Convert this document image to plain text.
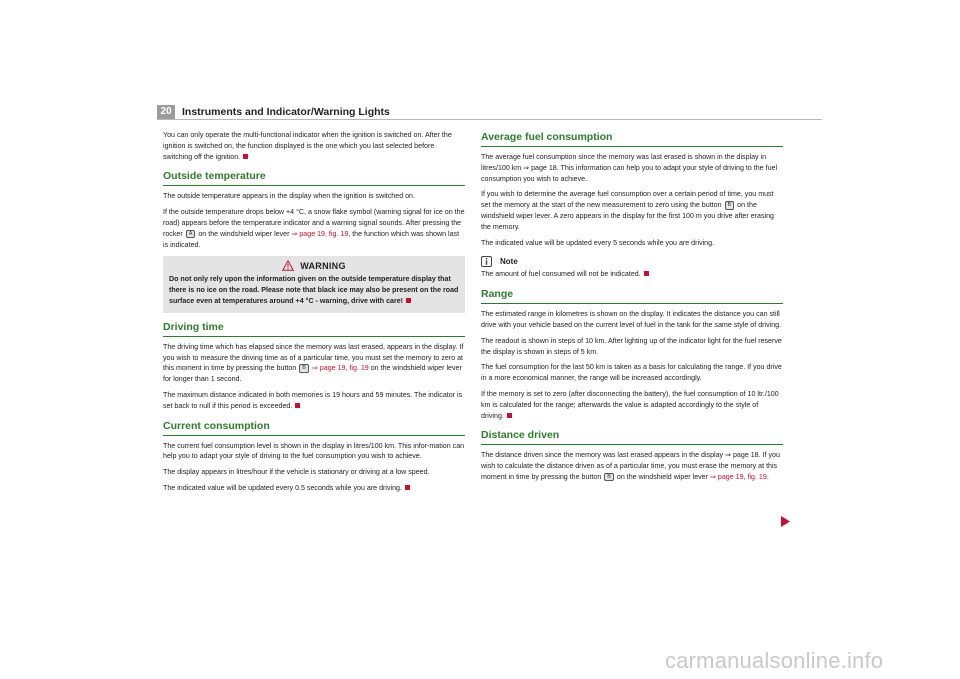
20 Instruments and Indicator/Warning Lights

You can only operate the multi-functional indicator when the ignition is switched on. After the ignition is switched on, the function displayed is the one which you last selected before switching off the ignition.

Outside temperature

The outside temperature appears in the display when the ignition is switched on.

If the outside temperature drops below +4 °C, a snow flake symbol (warning signal for ice on the road) appears before the temperature indicator and a warning signal sounds. After pressing the rocker A on the windshield wiper lever ⇒ page 19, fig. 19, the function which was shown last is indicated.

WARNING

Do not only rely upon the information given on the outside temperature display that there is no ice on the road. Please note that black ice may also be present on the road surface even at temperatures around +4 °C - warning, drive with care!

Driving time

The driving time which has elapsed since the memory was last erased, appears in the display. If you wish to measure the driving time as of a particular time, you must set the memory to zero at this moment in time by pressing the button B ⇒ page 19, fig. 19 on the windshield wiper lever for longer than 1 second.

The maximum distance indicated in both memories is 19 hours and 59 minutes. The indicator is set back to null if this period is exceeded.

Current consumption

The current fuel consumption level is shown in the display in litres/100 km. This infor-mation can help you to adapt your style of driving to the fuel consumption you wish to achieve.

The display appears in litres/hour if the vehicle is stationary or driving at a low speed.

The indicated value will be updated every 0.5 seconds while you are driving.

Average fuel consumption

The average fuel consumption since the memory was last erased is shown in the display in litres/100 km ⇒ page 18. This information can help you to adapt your style of driving to the fuel consumption you wish to achieve.

If you wish to determine the average fuel consumption over a certain period of time, you must set the memory at the start of the new measurement to zero using the button B on the windshield wiper lever. A zero appears in the display for the first 100 m you drive after erasing the memory.

The indicated value will be updated every 5 seconds while you are driving.

Note

The amount of fuel consumed will not be indicated.

Range

The estimated range in kilometres is shown on the display. It indicates the distance you can still drive with your vehicle based on the current level of fuel in the tank for the same style of driving.

The readout is shown in steps of 10 km. After lighting up of the indicator light for the fuel reserve the display is shown in steps of 5 km.

The fuel consumption for the last 50 km is taken as a basis for calculating the range. If you drive in a more economical manner, the range will be increased accordingly.

If the memory is set to zero (after disconnecting the battery), the fuel consumption of 10 ltr./100 km is calculated for the range; afterwards the value is adapted accordingly to the style of driving.

Distance driven

The distance driven since the memory was last erased appears in the display ⇒ page 18. If you wish to calculate the distance driven as of a particular time, you must erase the memory at this moment in time by pressing the button B on the windshield wiper lever ⇒ page 19, fig. 19.

carmanualsonline.info
